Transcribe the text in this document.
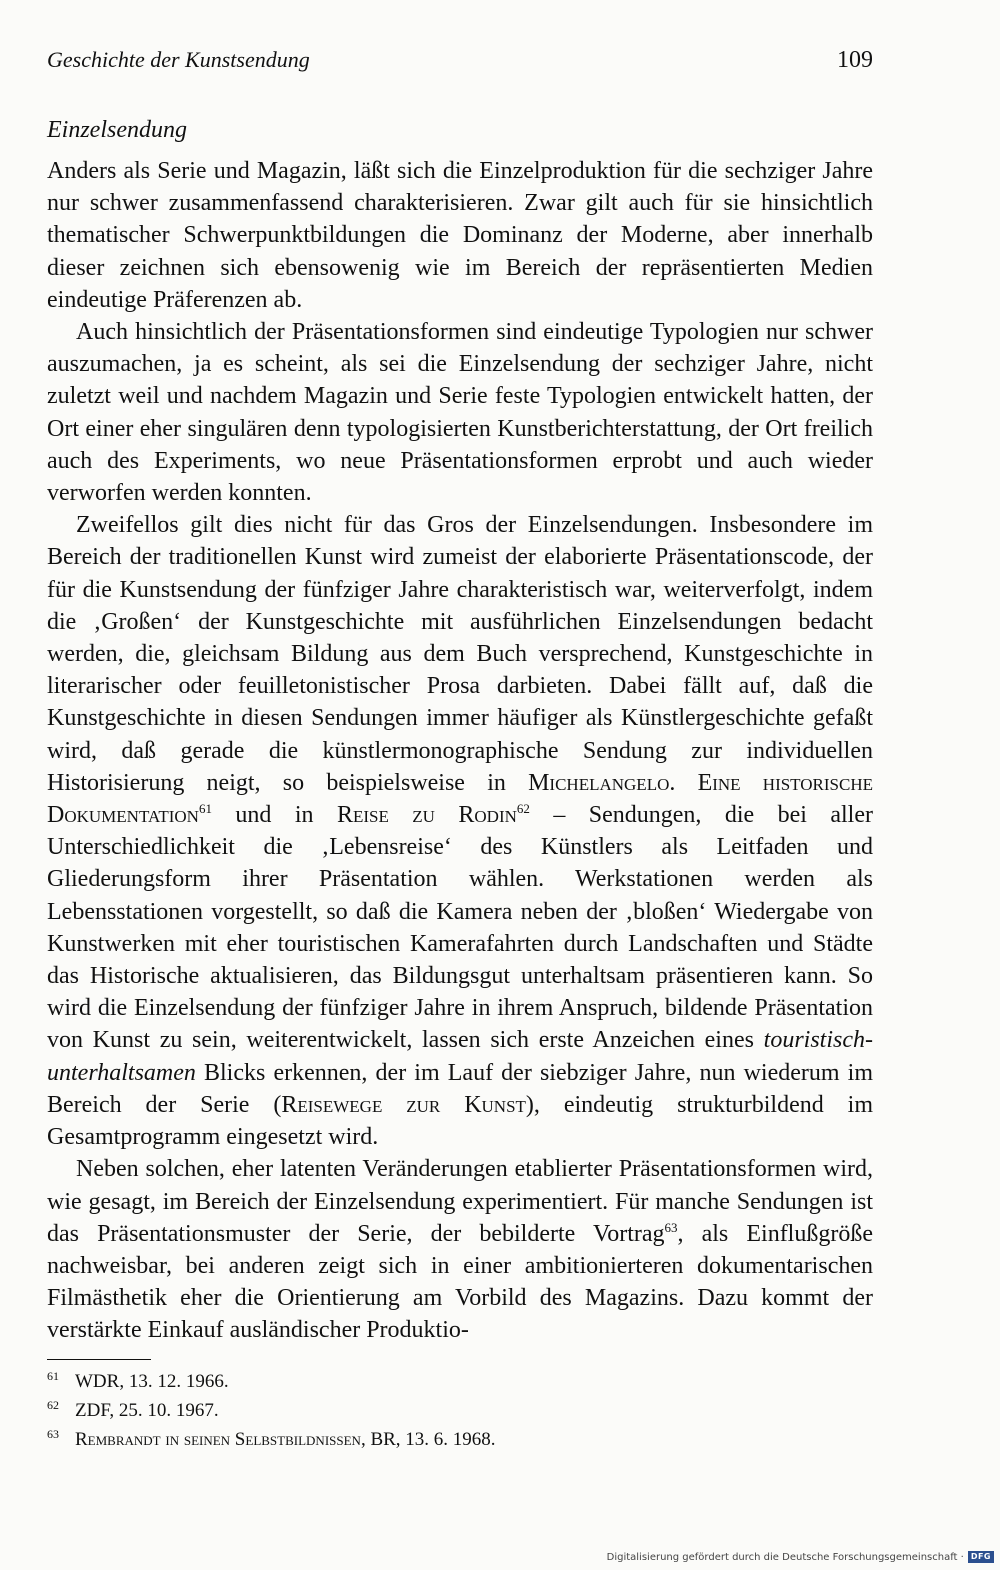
Geschichte der Kunstsendung	109
Einzelsendung

Anders als Serie und Magazin, läßt sich die Einzelproduktion für die sechziger Jahre nur schwer zusammenfassend charakterisieren. Zwar gilt auch für sie hinsichtlich thematischer Schwerpunktbildungen die Dominanz der Moderne, aber innerhalb dieser zeichnen sich ebensowenig wie im Bereich der repräsentierten Medien eindeutige Präferenzen ab.

Auch hinsichtlich der Präsentationsformen sind eindeutige Typologien nur schwer auszumachen, ja es scheint, als sei die Einzelsendung der sechziger Jahre, nicht zuletzt weil und nachdem Magazin und Serie feste Typologien entwickelt hatten, der Ort einer eher singulären denn typologisierten Kunstberichterstattung, der Ort freilich auch des Experiments, wo neue Präsentationsformen erprobt und auch wieder verworfen werden konnten.

Zweifellos gilt dies nicht für das Gros der Einzelsendungen. Insbesondere im Bereich der traditionellen Kunst wird zumeist der elaborierte Präsentationscode, der für die Kunstsendung der fünfziger Jahre charakteristisch war, weiterverfolgt, indem die ‚Großen‘ der Kunstgeschichte mit ausführlichen Einzelsendungen bedacht werden, die, gleichsam Bildung aus dem Buch versprechend, Kunstgeschichte in literarischer oder feuilletonistischer Prosa darbieten. Dabei fällt auf, daß die Kunstgeschichte in diesen Sendungen immer häufiger als Künstlergeschichte gefaßt wird, daß gerade die künstlermonographische Sendung zur individuellen Historisierung neigt, so beispielsweise in Michelangelo. Eine historische Dokumentation$^{61}$ und in Reise zu Rodin$^{62}$ – Sendungen, die bei aller Unterschiedlichkeit die ‚Lebensreise‘ des Künstlers als Leitfaden und Gliederungsform ihrer Präsentation wählen. Werkstationen werden als Lebensstationen vorgestellt, so daß die Kamera neben der ‚bloßen‘ Wiedergabe von Kunstwerken mit eher touristischen Kamerafahrten durch Landschaften und Städte das Historische aktualisieren, das Bildungsgut unterhaltsam präsentieren kann. So wird die Einzelsendung der fünfziger Jahre in ihrem Anspruch, bildende Präsentation von Kunst zu sein, weiterentwickelt, lassen sich erste Anzeichen eines touristisch-unterhaltsamen Blicks erkennen, der im Lauf der siebziger Jahre, nun wiederum im Bereich der Serie (Reisewege zur Kunst), eindeutig strukturbildend im Gesamtprogramm eingesetzt wird.

Neben solchen, eher latenten Veränderungen etablierter Präsentationsformen wird, wie gesagt, im Bereich der Einzelsendung experimentiert. Für manche Sendungen ist das Präsentationsmuster der Serie, der bebilderte Vortrag$^{63}$, als Einflußgröße nachweisbar, bei anderen zeigt sich in einer ambitionierteren dokumentarischen Filmästhetik eher die Orientierung am Vorbild des Magazins. Dazu kommt der verstärkte Einkauf ausländischer Produktio-

61 WDR, 13. 12. 1966.
62 ZDF, 25. 10. 1967.
63 Rembrandt in seinen Selbstbildnissen, BR, 13. 6. 1968.
Digitalisierung gefördert durch die Deutsche Forschungsgemeinschaft · DFG
